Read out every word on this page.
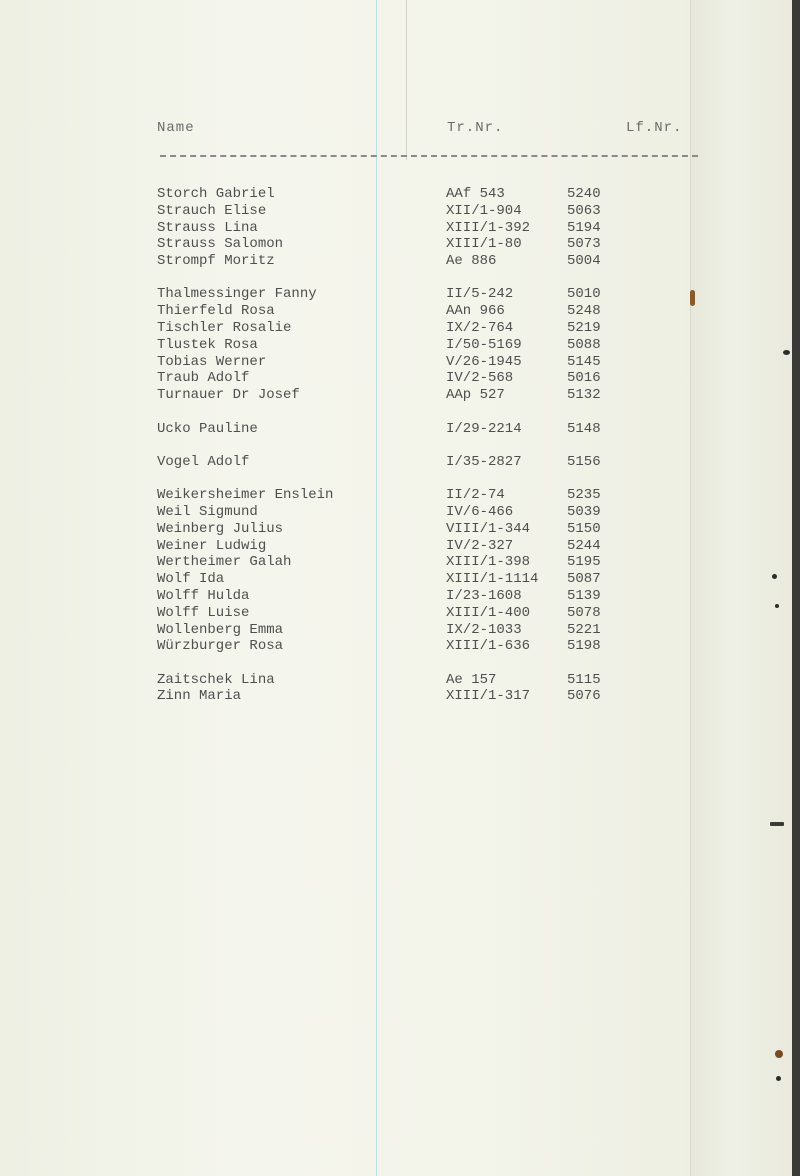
Name	Tr.Nr.	Lf.Nr.
Storch Gabriel	AAf 543	5240
Strauch Elise	XII/1-904	5063
Strauss Lina	XIII/1-392	5194
Strauss Salomon	XIII/1-80	5073
Strompf Moritz	Ae 886	5004
Thalmessinger Fanny	II/5-242	5010
Thierfeld Rosa	AAn 966	5248
Tischler Rosalie	IX/2-764	5219
Tlustek Rosa	I/50-5169	5088
Tobias Werner	V/26-1945	5145
Traub Adolf	IV/2-568	5016
Turnauer Dr Josef	AAp 527	5132
Ucko Pauline	I/29-2214	5148
Vogel Adolf	I/35-2827	5156
Weikersheimer Enslein	II/2-74	5235
Weil Sigmund	IV/6-466	5039
Weinberg Julius	VIII/1-344	5150
Weiner Ludwig	IV/2-327	5244
Wertheimer Galah	XIII/1-398	5195
Wolf Ida	XIII/1-1114 5087
Wolff Hulda	I/23-1608	5139
Wolff Luise	XIII/1-400	5078
Wollenberg Emma	IX/2-1033	5221
Würzburger Rosa	XIII/1-636	5198
Zaitschek Lina	Ae 157	5115
Zinn Maria	XIII/1-317	5076
